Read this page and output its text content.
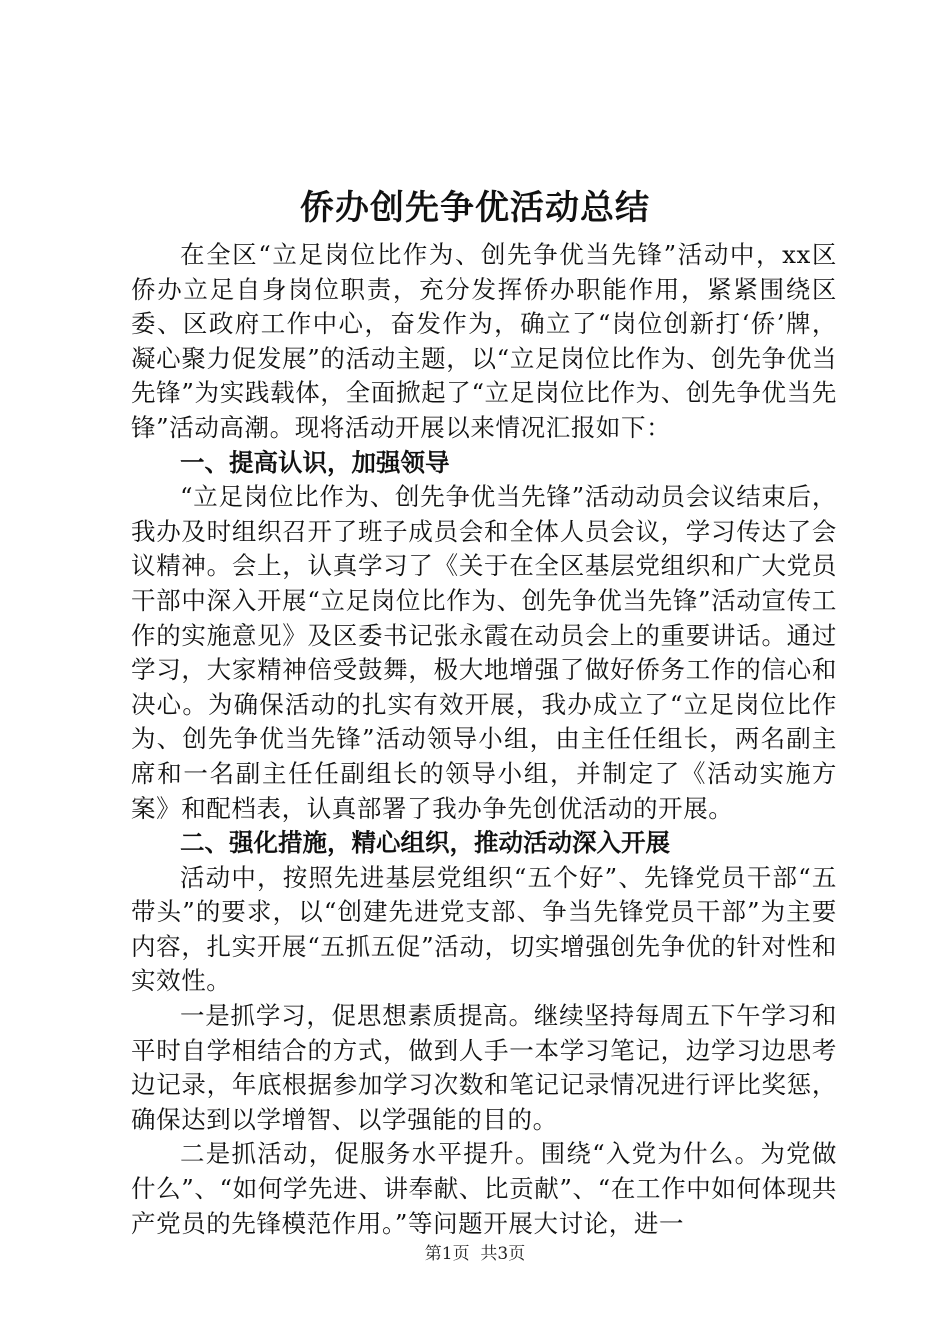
侨办创先争优活动总结

在全区“立足岗位比作为、创先争优当先锋”活动中，xx区侨办立足自身岗位职责，充分发挥侨办职能作用，紧紧围绕区委、区政府工作中心，奋发作为，确立了“岗位创新打‘侨’牌，凝心聚力促发展”的活动主题，以“立足岗位比作为、创先争优当先锋”为实践载体，全面掀起了“立足岗位比作为、创先争优当先锋”活动高潮。现将活动开展以来情况汇报如下：

一、提高认识，加强领导

“立足岗位比作为、创先争优当先锋”活动动员会议结束后，我办及时组织召开了班子成员会和全体人员会议，学习传达了会议精神。会上，认真学习了《关于在全区基层党组织和广大党员干部中深入开展“立足岗位比作为、创先争优当先锋”活动宣传工作的实施意见》及区委书记张永霞在动员会上的重要讲话。通过学习，大家精神倍受鼓舞，极大地增强了做好侨务工作的信心和决心。为确保活动的扎实有效开展，我办成立了“立足岗位比作为、创先争优当先锋”活动领导小组，由主任任组长，两名副主席和一名副主任任副组长的领导小组，并制定了《活动实施方案》和配档表，认真部署了我办争先创优活动的开展。

二、强化措施，精心组织，推动活动深入开展

活动中，按照先进基层党组织“五个好”、先锋党员干部“五带头”的要求，以“创建先进党支部、争当先锋党员干部”为主要内容，扎实开展“五抓五促”活动，切实增强创先争优的针对性和实效性。

一是抓学习，促思想素质提高。继续坚持每周五下午学习和平时自学相结合的方式，做到人手一本学习笔记，边学习边思考边记录，年底根据参加学习次数和笔记记录情况进行评比奖惩，确保达到以学增智、以学强能的目的。

二是抓活动，促服务水平提升。围绕“入党为什么。为党做什么”、“如何学先进、讲奉献、比贡献”、“在工作中如何体现共产党员的先锋模范作用。”等问题开展大讨论，进一

第1页  共3页
